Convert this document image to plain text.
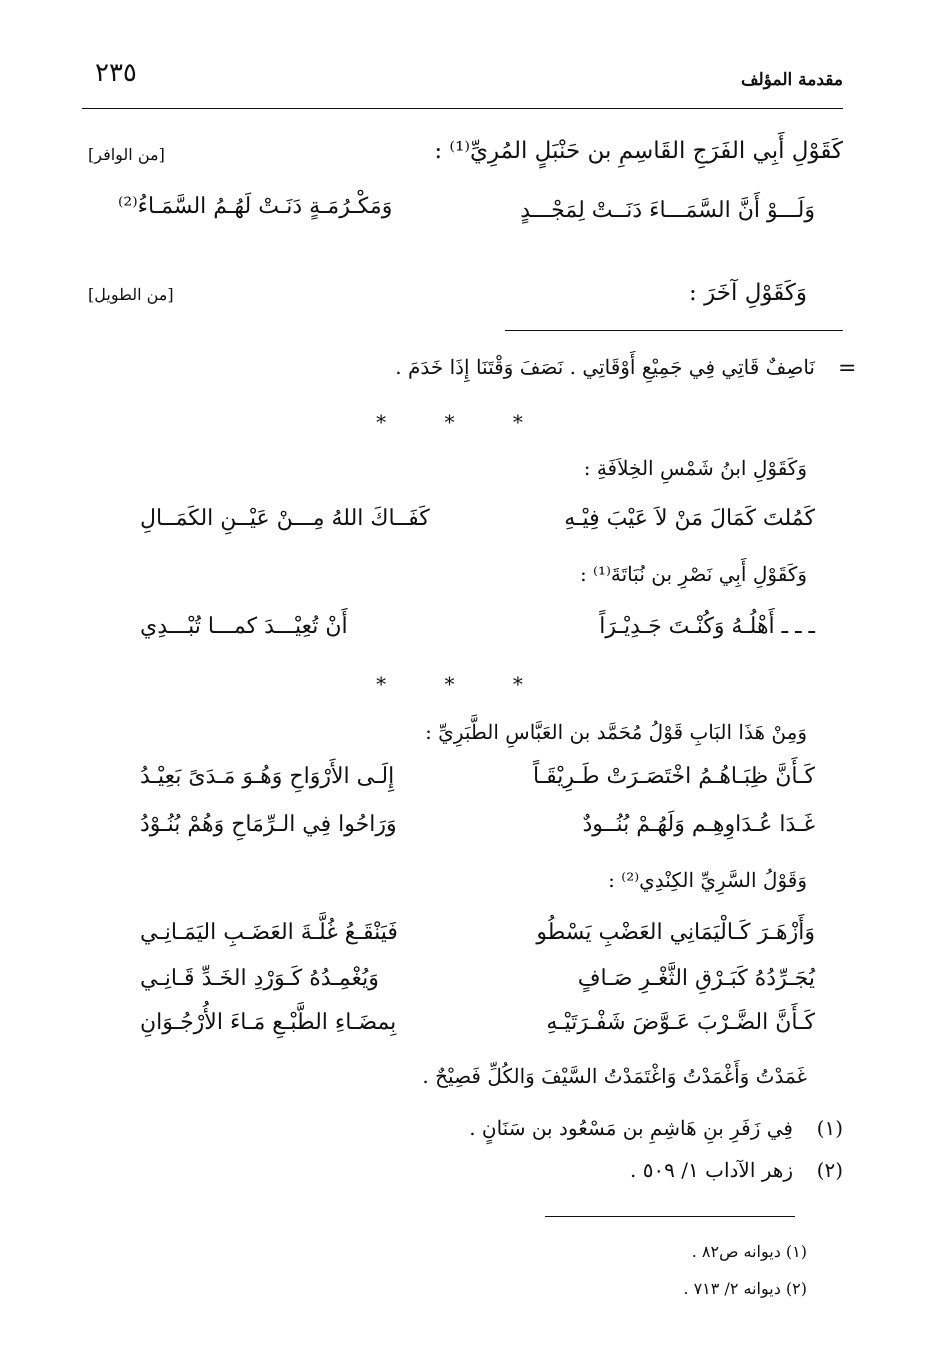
مقدمة المؤلف
٢٣٥
كَقَوْلِ أَبِي الفَرَجِ القَاسِمِ بن حَنْبَلٍ المُرِيِّ⁽¹⁾ :
[من الوافر]
وَلَـــوْ أَنَّ السَّمَـــاءَ دَنَــتْ لِمَجْـــدٍ
وَمَكْـرُمَـةٍ دَنَـتْ لَهُـمُ السَّمَـاءُ⁽²⁾
وَكَقَوْلِ آخَرَ :
[من الطويل]
=
نَاصِفٌ قَاتِي فِي جَمِيْعِ أَوْقَاتِي . نَصَفَ وَقْتَنَا إِذَا خَدَمَ .
* * *
وَكَقَوْلِ ابنُ شَمْسِ الخِلاَفَةِ :
كَمُلتَ كَمَالَ مَنْ لاَ عَيْبَ فِيْـهِ
كَفَــاكَ اللهُ مِـــنْ عَيْــنِ الكَمَــالِ
وَكَقَوْلِ أَبِي نَصْرِ بن نُبَاتَةَ⁽¹⁾ :
ـ ـ ـ أَهْلُـهُ وَكُنْـتَ جَـدِيْـرَاً
أَنْ تُعِيْـــدَ كمـــا تُبْـــدِي
* * *
وَمِنْ هَذَا البَابِ قَوْلُ مُحَمَّد بن العَبَّاسِ الطَّبَرِيِّ :
كَـأَنَّ ظِبَـاهُـمُ اخْتَصَـرَتْ طَـرِيْقَـاً
إِلَـى الأَرْوَاحِ وَهُـوَ مَـدَىً بَعِيْـدُ
غَـدَا عُـدَاوِهِـم وَلَهُـمْ بُنُــودٌ
وَرَاحُوا فِي الـرِّمَاحِ وَهُمْ بُنُـوْدُ
وَقَوْلُ السَّرِيِّ الكِنْدِي⁽²⁾ :
وَأَزْهَـرَ كَـالْيَمَانِي العَضْبِ يَسْطُو
فَيَنْقَـعُ غُلَّـةَ العَضَـبِ اليَمَـانِـي
يُجَـرِّدُهُ كَبَـرْقِ الثَّغْـرِ صَـافٍ
وَيُغْمِـدُهُ كَـوَرْدِ الخَـدِّ قَـانِـي
كَـأَنَّ الضَّـرْبَ عَـوَّضَ شَفْـرَتَيْـهِ
بِمضَـاءِ الطَّبْـعِ مَـاءَ الأُرْجُـوَانِ
غَمَدْتُ وَأَغْمَدْتُ وَاغْتَمَدْتُ السَّيْفَ وَالكُلِّ فَصِيْحٌ .
(١)
فِي زَفَرِ بنِ هَاشِمِ بن مَسْعُود بن سَنَانٍ .
(٢)
زهر الآداب ١/ ٥٠٩ .
(١) ديوانه ص٨٢ .
(٢) ديوانه ٢/ ٧١٣ .
